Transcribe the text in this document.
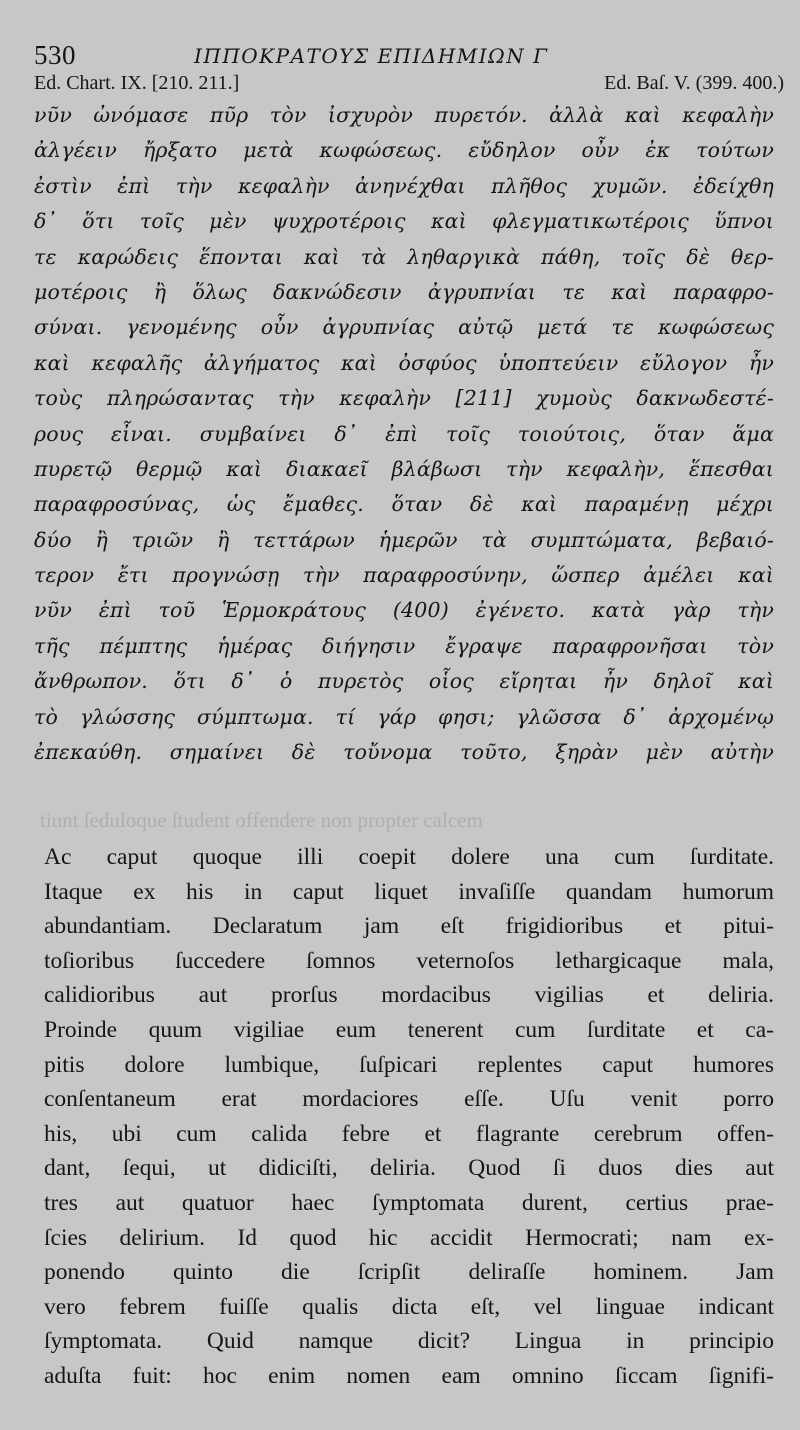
530	ΙΠΠΟΚΡΑΤΟΥΣ ΕΠΙΔΗΜΙΩΝ Γ
Ed. Chart. IX. [210. 211.]	Ed. Baſ. V. (399. 400.)
νῦν ὠνόμασε πῦρ τὸν ἰσχυρὸν πυρετόν. ἀλλὰ καὶ κεφαλὴν
ἀλγέειν ἤρξατο μετὰ κωφώσεως. εὔδηλον οὖν ἐκ τούτων
ἐστὶν ἐπὶ τὴν κεφαλὴν ἀνηνέχθαι πλῆθος χυμῶν. ἐδείχθη
δ᾽ ὅτι τοῖς μὲν ψυχροτέροις καὶ φλεγματικωτέροις ὕπνοι
τε καρώδεις ἕπονται καὶ τὰ ληθαργικὰ πάθη, τοῖς δὲ θερ-
μοτέροις ἢ ὅλως δακνώδεσιν ἀγρυπνίαι τε καὶ παραφρο-
σύναι. γενομένης οὖν ἀγρυπνίας αὐτῷ μετά τε κωφώσεως
καὶ κεφαλῆς ἀλγήματος καὶ ὀσφύος ὑποπτεύειν εὔλογον ἦν
τοὺς πληρώσαντας τὴν κεφαλὴν [211] χυμοὺς δακνωδεστέ-
ρους εἶναι. συμβαίνει δ᾽ ἐπὶ τοῖς τοιούτοις, ὅταν ἅμα
πυρετῷ θερμῷ καὶ διακαεῖ βλάβωσι τὴν κεφαλὴν, ἕπεσθαι
παραφροσύνας, ὡς ἔμαθες. ὅταν δὲ καὶ παραμένῃ μέχρι
δύο ἢ τριῶν ἢ τεττάρων ἡμερῶν τὰ συμπτώματα, βεβαιό-
τερον ἔτι προγνώσῃ τὴν παραφροσύνην, ὥσπερ ἀμέλει καὶ
νῦν ἐπὶ τοῦ Ἑρμοκράτους (400) ἐγένετο. κατὰ γὰρ τὴν
τῆς πέμπτης ἡμέρας διήγησιν ἔγραψε παραφρονῆσαι τὸν
ἄνθρωπον. ὅτι δ᾽ ὁ πυρετὸς οἷος εἴρηται ἦν δηλοῖ καὶ
τὸ γλώσσης σύμπτωμα. τί γάρ φησι; γλῶσσα δ᾽ ἀρχομένῳ
ἐπεκαύθη. σημαίνει δὲ τοὔνομα τοῦτο, ξηρὰν μὲν αὐτὴν
tiunt ſeduloque ſtudent offendere non propter calcem
Ac caput quoque illi coepit dolere una cum ſurditate.
Itaque ex his in caput liquet invaſiſſe quandam humorum
abundantiam. Declaratum jam eſt frigidioribus et pitui-
toſioribus ſuccedere ſomnos veternoſos lethargicaque mala,
calidioribus aut prorſus mordacibus vigilias et deliria.
Proinde quum vigiliae eum tenerent cum ſurditate et ca-
pitis dolore lumbique, ſuſpicari replentes caput humores
conſentaneum erat mordaciores eſſe. Uſu venit porro
his, ubi cum calida febre et flagrante cerebrum offen-
dant, ſequi, ut didiciſti, deliria. Quod ſi duos dies aut
tres aut quatuor haec ſymptomata durent, certius prae-
ſcies delirium. Id quod hic accidit Hermocrati; nam ex-
ponendo quinto die ſcripſit deliraſſe hominem. Jam
vero febrem fuiſſe qualis dicta eſt, vel linguae indicant
ſymptomata. Quid namque dicit? Lingua in principio
aduſta fuit: hoc enim nomen eam omnino ſiccam ſignifi-
